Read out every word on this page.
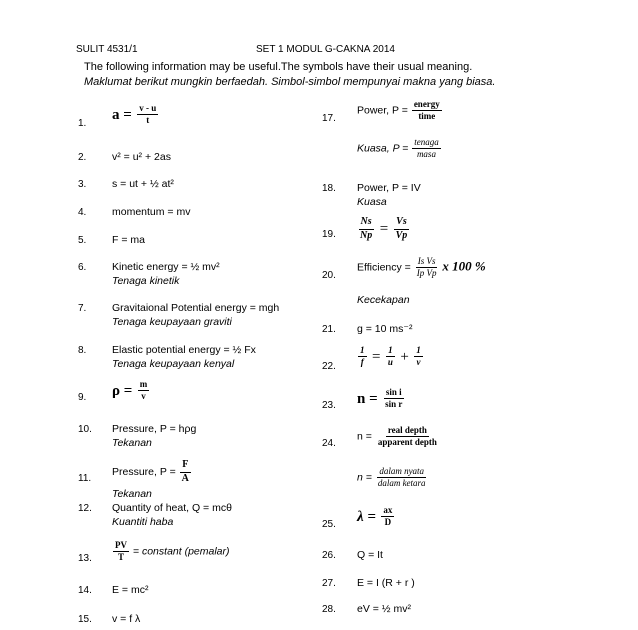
SULIT 4531/1	SET 1 MODUL G-CAKNA 2014
The following information may be useful.The symbols have their usual meaning.
Maklumat berikut mungkin berfaedah. Simbol-simbol mempunyai makna yang biasa.
1.
$a = \frac{v - u}{t}$
2. v² = u² + 2as
3. s = ut + ½ at²
4. momentum = mv
5. F = ma
6. Kinetic energy = ½ mv²
Tenaga kinetik
7. Gravitaional Potential energy = mgh
Tenaga keupayaan graviti
8. Elastic potential energy = ½ Fx
Tenaga keupayaan kenyal
9. $\rho = \frac{m}{v}$
10. Pressure, P = hρg
Tekanan
11.
Pressure, $P = \frac{F}{A}$
Tekanan
12. Quantity of heat, Q = mcθ
Kuantiti haba
13. $\frac{PV}{T}$ = constant (pemalar)
14. E = mc²
15. v = f λ
17.
Power, $P = \frac{\text{energy}}{\text{time}}$
Kuasa, $P = \frac{\text{tenaga}}{\text{masa}}$
18. Power, P = IV
Kuasa
19. $\frac{Ns}{Np} = \frac{Vs}{Vp}$
20.
Efficiency = $\frac{\text{Is Vs}}{\text{Ip Vp}}$ x 100 %
Kecekapan
21. g = 10 ms⁻²
22. $\frac{1}{f} = \frac{1}{u} + \frac{1}{v}$
23. $n = \frac{\text{sin i}}{\text{sin r}}$
24.
$n = \frac{\text{real depth}}{\text{apparent depth}}$
$n = \frac{\text{dalam nyata}}{\text{dalam ketara}}$
25. $\lambda = \frac{ax}{D}$
26. Q = It
27. E = I (R + r )
28. eV = ½ mv²
